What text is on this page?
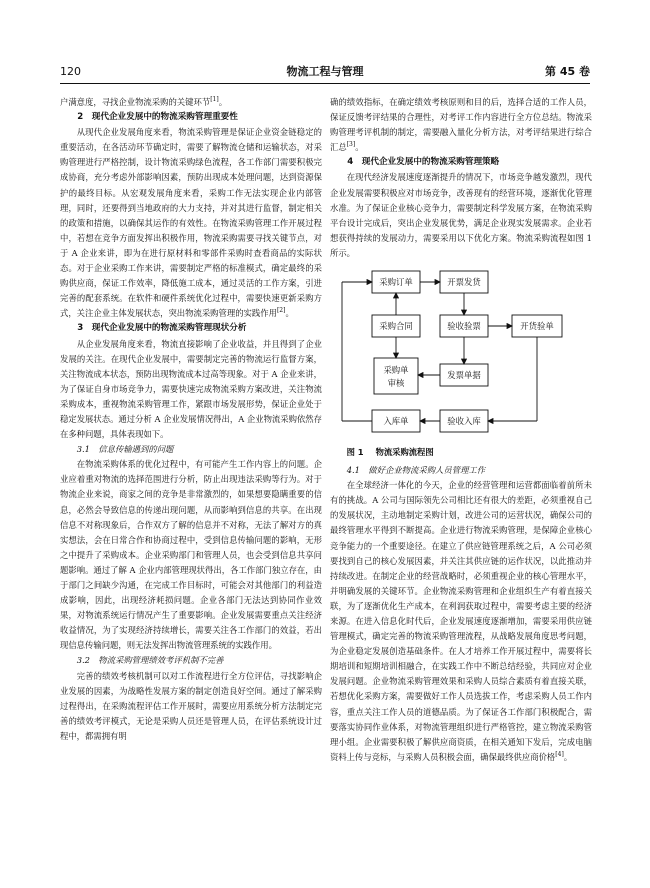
120	物流工程与管理	第 45 卷

户满意度，寻找企业物流采购的关键环节[1]。

2　现代企业发展中的物流采购管理重要性

从现代企业发展角度来看，物流采购管理是保证企业资金链稳定的重要活动，在各活动环节确定时，需要了解物流仓储和运输状态，对采购管理进行严格控制，设计物流采购绿色流程，各工作部门需要积极完成协商，充分考虑外部影响因素，预防出现成本处理问题，达到资源保护的最终目标。从宏观发展角度来看，采购工作无法实现企业内部管理，同时，还要得到当地政府的大力支持，并对其进行监督，制定相关的政策和措施，以确保其运作的有效性。在物流采购管理工作开展过程中，若想在竞争方面发挥出积极作用，物流采购需要寻找关键节点，对于 A 企业来讲，即为在进行原材料和零部件采购时查看商品的实际状态。对于企业采购工作来讲，需要制定严格的标准模式，确定最终的采购供应商，保证工作效率，降低施工成本，通过灵活的工作方案，引进完善的配套系统。在软件和硬件系统优化过程中，需要快速更新采购方式，关注企业主体发展状态，突出物流采购管理的实践作用[2]。

3　现代企业发展中的物流采购管理现状分析

从企业发展角度来看，物流直接影响了企业收益，并且得到了企业发展的关注。在现代企业发展中，需要制定完善的物流运行监督方案，关注物流成本状态，预防出现物流成本过高等现象。对于 A 企业来讲，为了保证自身市场竞争力，需要快速完成物流采购方案改进，关注物流采购成本，重视物流采购管理工作，紧跟市场发展形势，保证企业处于稳定发展状态。通过分析 A 企业发展情况得出，A 企业物流采购依然存在多种问题，具体表现如下。

3.1　信息传输遇到的问题

在物流采购体系的优化过程中，有可能产生工作内容上的问题。企业应着重对物流的选择范围进行分析，防止出现违法采购等行为。对于物流企业来说，商家之间的竞争是非常激烈的，如果想要隐瞒重要的信息，必然会导致信息的传递出现问题，从而影响到信息的共享。在出现信息不对称现象后，合作双方了解的信息并不对称，无法了解对方的真实想法，会在日常合作和协商过程中，受到信息传输问题的影响，无形之中提升了采购成本。企业采购部门和管理人员，也会受到信息共享问题影响。通过了解 A 企业内部管理现状得出，各工作部门独立存在，由于部门之间缺少沟通，在完成工作目标时，可能会对其他部门的利益造成影响，因此，出现经济耗损问题。企业各部门无法达到协同作业效果，对物流系统运行情况产生了重要影响。企业发展需要重点关注经济收益情况，为了实现经济持续增长，需要关注各工作部门的效益，若出现信息传输问题，则无法发挥出物流管理系统的实践作用。

3.2　物流采购管理绩效考评机制不完善

完善的绩效考核机制可以对工作流程进行全方位评估，寻找影响企业发展的因素，为战略性发展方案的制定创造良好空间。通过了解采购过程得出，在采购流程评估工作开展时，需要应用系统分析方法制定完善的绩效考评模式，无论是采购人员还是管理人员，在评估系统设计过程中，都需拥有明

确的绩效指标，在确定绩效考核原则和目的后，选择合适的工作人员，保证反馈考评结果的合理性，对考评工作内容进行全方位总结。物流采购管理考评机制的制定，需要融入量化分析方法，对考评结果进行综合汇总[3]。

4　现代企业发展中的物流采购管理策略

在现代经济发展速度逐渐提升的情况下，市场竞争越发激烈，现代企业发展需要积极应对市场竞争，改善现有的经营环境，逐渐优化管理水准。为了保证企业核心竞争力，需要制定科学发展方案，在物流采购平台设计完成后，突出企业发展优势，满足企业现实发展需求。企业若想获得持续的发展动力，需要采用以下优化方案。物流采购流程如图 1 所示。

采购订单	开票发货
采购合同	验收验票	开货验单
采购单
审核
发票单据
入库单	验收入库

图 1 物流采购流程图

4.1　做好企业物流采购人员管理工作

在全球经济一体化的今天，企业的经营管理和运营都面临着前所未有的挑战。A 公司与国际领先公司相比还有很大的差距，必须重视自己的发展状况，主动地制定采购计划，改进公司的运营状况，确保公司的最终管理水平得到不断提高。企业进行物流采购管理，是保障企业核心竞争能力的一个重要途径。在建立了供应链管理系统之后，A 公司必须要找到自己的核心发展因素，并关注其供应链的运作状况，以此推动并持续改进。在制定企业的经营战略时，必须重视企业的核心管理水平，并明确发展的关键环节。企业物流采购管理和企业组织生产有着直接关联，为了逐渐优化生产成本，在利润获取过程中，需要考虑主要的经济来源。在进入信息化时代后，企业发展速度逐渐增加，需要采用供应链管理模式，确定完善的物流采购管理流程，从战略发展角度思考问题，为企业稳定发展创造基础条件。在人才培养工作开展过程中，需要将长期培训和短期培训相融合，在实践工作中不断总结经验，共同应对企业发展问题。企业物流采购管理效果和采购人员综合素质有着直接关联，若想优化采购方案，需要做好工作人员选拔工作，考虑采购人员工作内容，重点关注工作人员的道德品质。为了保证各工作部门积极配合，需要落实协同作业体系，对物流管理组织进行严格管控，建立物流采购管理小组。企业需要积极了解供应商资质，在相关通知下发后，完成电脑资料上传与竞标，与采购人员积极会面，确保最终供应商价格[4]。
